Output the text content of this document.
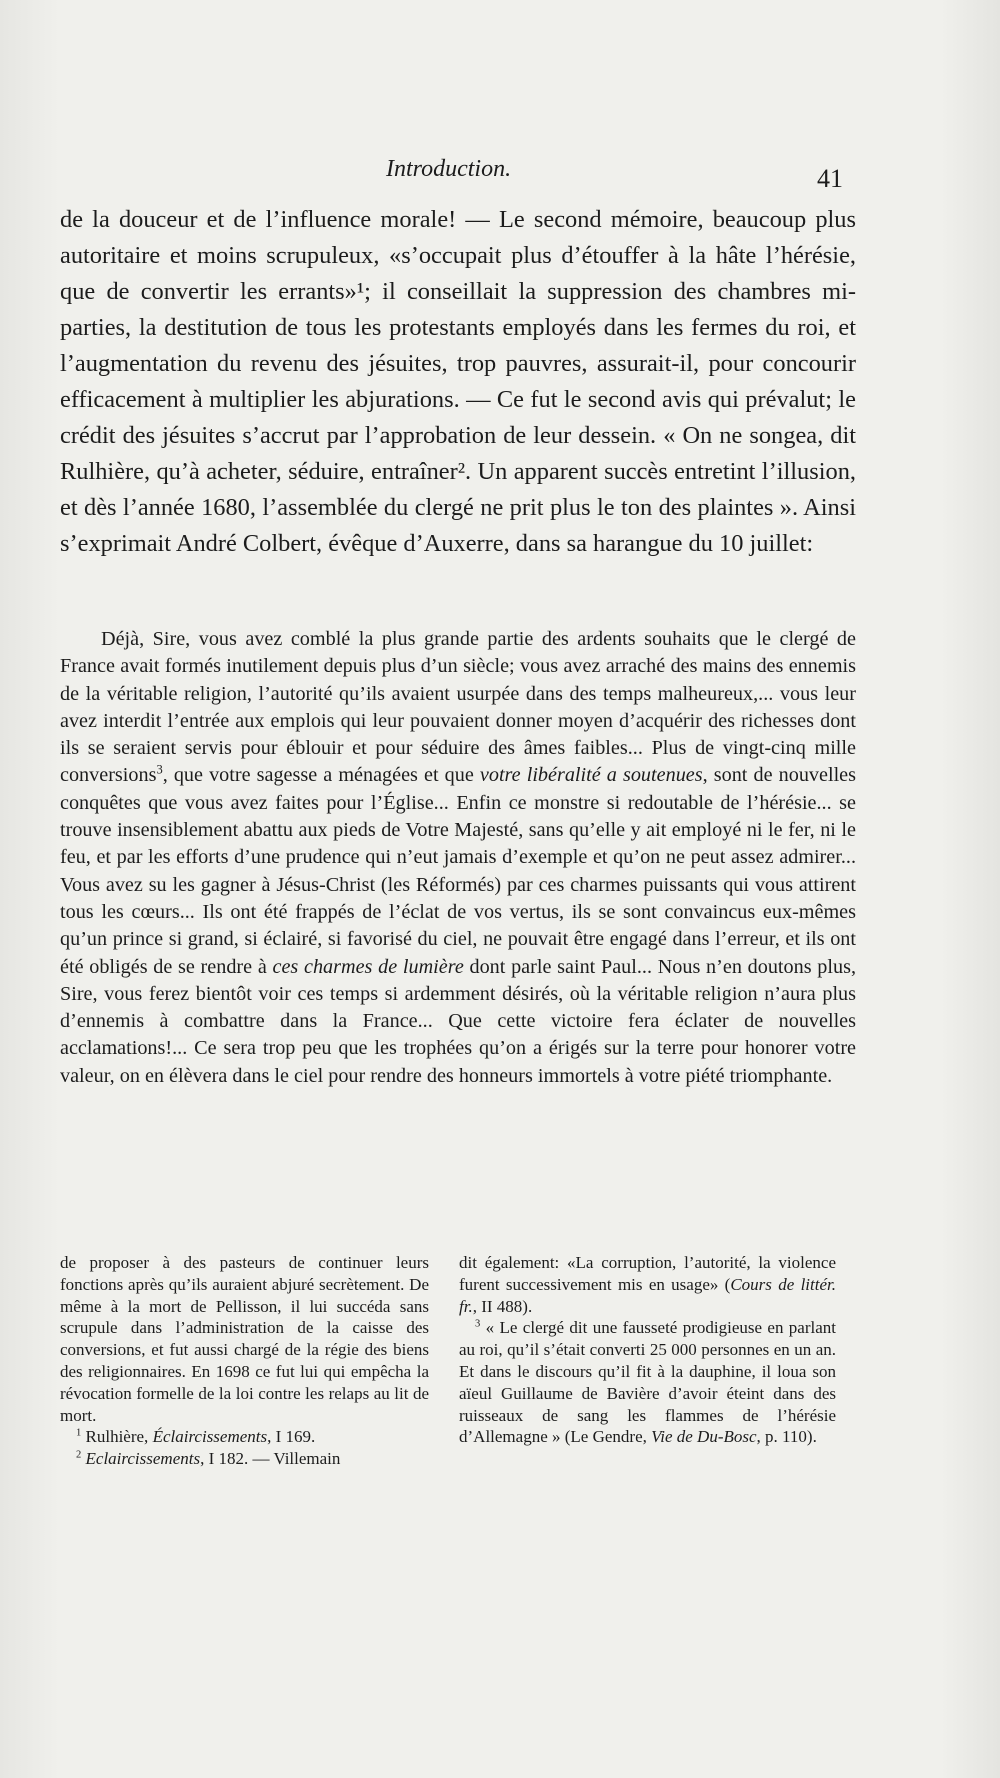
Introduction.	41

de la douceur et de l’influence morale! — Le second mémoire, beaucoup plus autoritaire et moins scrupuleux, «s’occupait plus d’étouffer à la hâte l’hérésie, que de convertir les errants»¹; il conseillait la suppression des chambres mi-parties, la destitution de tous les protestants employés dans les fermes du roi, et l’augmentation du revenu des jésuites, trop pauvres, assurait-il, pour concourir efficacement à multiplier les abjurations. — Ce fut le second avis qui prévalut; le crédit des jésuites s’accrut par l’approbation de leur dessein. « On ne songea, dit Rulhière, qu’à acheter, séduire, entraîner². Un apparent succès entretint l’illusion, et dès l’année 1680, l’assemblée du clergé ne prit plus le ton des plaintes ». Ainsi s’exprimait André Colbert, évêque d’Auxerre, dans sa harangue du 10 juillet:

Déjà, Sire, vous avez comblé la plus grande partie des ardents souhaits que le clergé de France avait formés inutilement depuis plus d’un siècle; vous avez arraché des mains des ennemis de la véritable religion, l’autorité qu’ils avaient usurpée dans des temps malheureux,... vous leur avez interdit l’entrée aux emplois qui leur pouvaient donner moyen d’acquérir des richesses dont ils se seraient servis pour éblouir et pour séduire des âmes faibles... Plus de vingt-cinq mille conversions$^3$, que votre sagesse a ménagées et que votre libéralité a soutenues, sont de nouvelles conquêtes que vous avez faites pour l’Église... Enfin ce monstre si redoutable de l’hérésie... se trouve insensiblement abattu aux pieds de Votre Majesté, sans qu’elle y ait employé ni le fer, ni le feu, et par les efforts d’une prudence qui n’eut jamais d’exemple et qu’on ne peut assez admirer... Vous avez su les gagner à Jésus-Christ (les Réformés) par ces charmes puissants qui vous attirent tous les cœurs... Ils ont été frappés de l’éclat de vos vertus, ils se sont convaincus eux-mêmes qu’un prince si grand, si éclairé, si favorisé du ciel, ne pouvait être engagé dans l’erreur, et ils ont été obligés de se rendre à ces charmes de lumière dont parle saint Paul... Nous n’en doutons plus, Sire, vous ferez bientôt voir ces temps si ardemment désirés, où la véritable religion n’aura plus d’ennemis à combattre dans la France... Que cette victoire fera éclater de nouvelles acclamations!... Ce sera trop peu que les trophées qu’on a érigés sur la terre pour honorer votre valeur, on en élèvera dans le ciel pour rendre des honneurs immortels à votre piété triomphante.

de proposer à des pasteurs de continuer leurs fonctions après qu’ils auraient abjuré secrètement. De même à la mort de Pellisson, il lui succéda sans scrupule dans l’administration de la caisse des conversions, et fut aussi chargé de la régie des biens des religionnaires. En 1698 ce fut lui qui empêcha la révocation formelle de la loi contre les relaps au lit de mort.

$^1$ Rulhière, Éclaircissements, I 169.

$^2$ Eclaircissements, I 182. — Villemain

dit également: «La corruption, l’autorité, la violence furent successivement mis en usage» (Cours de littér. fr., II 488).

$^3$ « Le clergé dit une fausseté prodigieuse en parlant au roi, qu’il s’était converti 25 000 personnes en un an. Et dans le discours qu’il fit à la dauphine, il loua son aïeul Guillaume de Bavière d’avoir éteint dans des ruisseaux de sang les flammes de l’hérésie d’Allemagne » (Le Gendre, Vie de Du-Bosc, p. 110).
